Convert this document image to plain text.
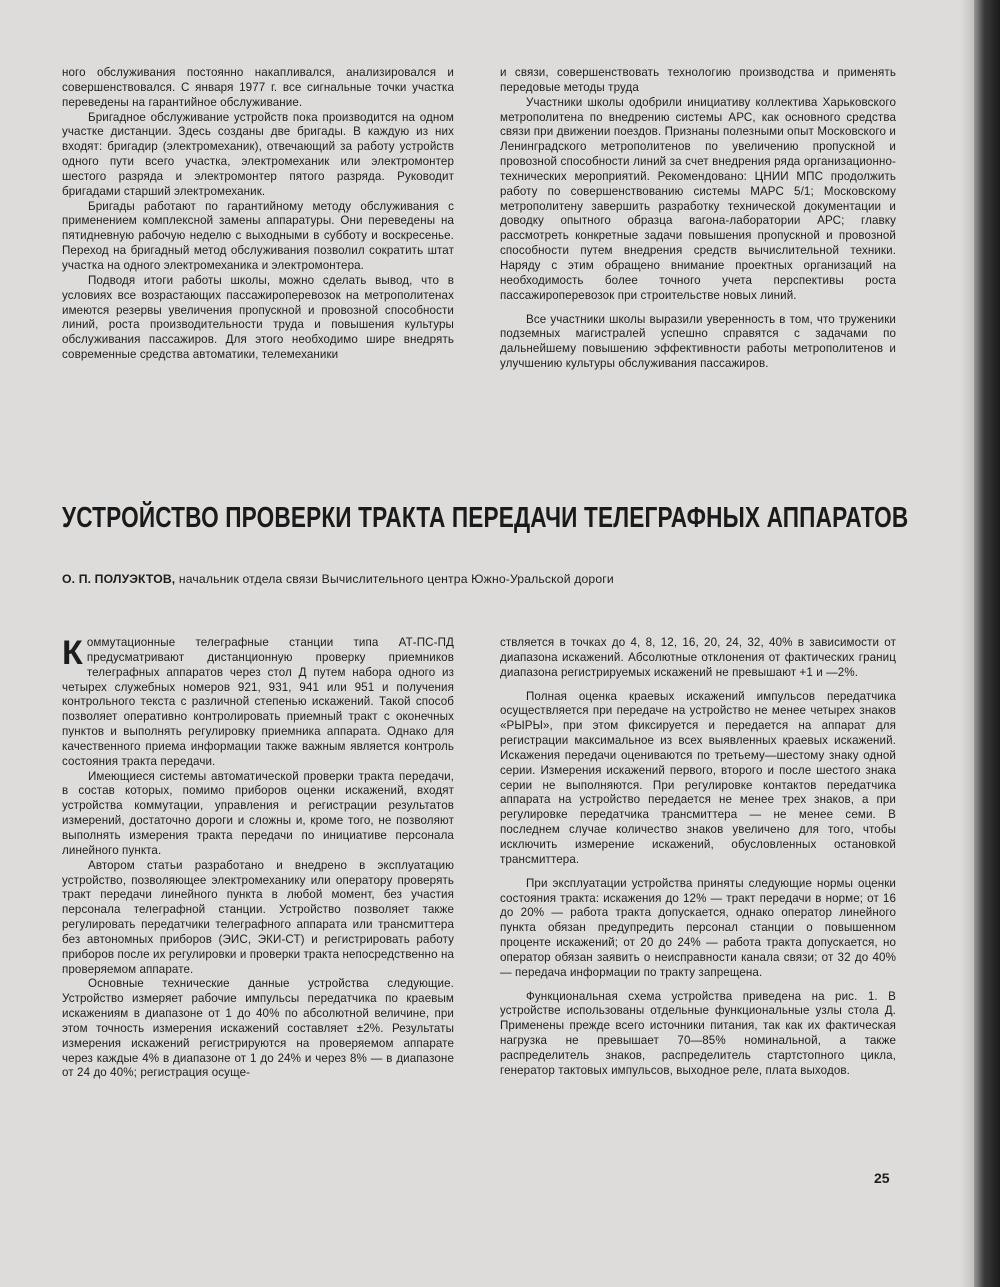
ного обслуживания постоянно накапливался, анализировался и совершенствовался. С января 1977 г. все сигнальные точки участка переведены на гарантийное обслуживание.

Бригадное обслуживание устройств пока производится на одном участке дистанции. Здесь созданы две бригады. В каждую из них входят: бригадир (электромеханик), отвечающий за работу устройств одного пути всего участка, электромеханик или электромонтер шестого разряда и электромонтер пятого разряда. Руководит бригадами старший электромеханик.

Бригады работают по гарантийному методу обслуживания с применением комплексной замены аппаратуры. Они переведены на пятидневную рабочую неделю с выходными в субботу и воскресенье. Переход на бригадный метод обслуживания позволил сократить штат участка на одного электромеханика и электромонтера.

Подводя итоги работы школы, можно сделать вывод, что в условиях все возрастающих пассажироперевозок на метрополитенах имеются резервы увеличения пропускной и провозной способности линий, роста производительности труда и повышения культуры обслуживания пассажиров. Для этого необходимо шире внедрять современные средства автоматики, телемеханики

и связи, совершенствовать технологию производства и применять передовые методы труда

Участники школы одобрили инициативу коллектива Харьковского метрополитена по внедрению системы АРС, как основного средства связи при движении поездов. Признаны полезными опыт Московского и Ленинградского метрополитенов по увеличению пропускной и провозной способности линий за счет внедрения ряда организационно-технических мероприятий. Рекомендовано: ЦНИИ МПС продолжить работу по совершенствованию системы МАРС 5/1; Московскому метрополитену завершить разработку технической документации и доводку опытного образца вагона-лаборатории АРС; главку рассмотреть конкретные задачи повышения пропускной и провозной способности путем внедрения средств вычислительной техники. Наряду с этим обращено внимание проектных организаций на необходимость более точного учета перспективы роста пассажироперевозок при строительстве новых линий.

Все участники школы выразили уверенность в том, что труженики подземных магистралей успешно справятся с задачами по дальнейшему повышению эффективности работы метрополитенов и улучшению культуры обслуживания пассажиров.

УСТРОЙСТВО ПРОВЕРКИ ТРАКТА ПЕРЕДАЧИ ТЕЛЕГРАФНЫХ АППАРАТОВ
О. П. ПОЛУЭКТОВ, начальник отдела связи Вычислительного центра Южно-Уральской дороги

Коммутационные телеграфные станции типа АТ-ПС-ПД предусматривают дистанционную проверку приемников телеграфных аппаратов через стол Д путем набора одного из четырех служебных номеров 921, 931, 941 или 951 и получения контрольного текста с различной степенью искажений. Такой способ позволяет оперативно контролировать приемный тракт с оконечных пунктов и выполнять регулировку приемника аппарата. Однако для качественного приема информации также важным является контроль состояния тракта передачи.

Имеющиеся системы автоматической проверки тракта передачи, в состав которых, помимо приборов оценки искажений, входят устройства коммутации, управления и регистрации результатов измерений, достаточно дороги и сложны и, кроме того, не позволяют выполнять измерения тракта передачи по инициативе персонала линейного пункта.

Автором статьи разработано и внедрено в эксплуатацию устройство, позволяющее электромеханику или оператору проверять тракт передачи линейного пункта в любой момент, без участия персонала телеграфной станции. Устройство позволяет также регулировать передатчики телеграфного аппарата или трансмиттера без автономных приборов (ЭИС, ЭКИ-СТ) и регистрировать работу приборов после их регулировки и проверки тракта непосредственно на проверяемом аппарате.

Основные технические данные устройства следующие. Устройство измеряет рабочие импульсы передатчика по краевым искажениям в диапазоне от 1 до 40% по абсолютной величине, при этом точность измерения искажений составляет ±2%. Результаты измерения искажений регистрируются на проверяемом аппарате через каждые 4% в диапазоне от 1 до 24% и через 8% — в диапазоне от 24 до 40%; регистрация осуще-

ствляется в точках до 4, 8, 12, 16, 20, 24, 32, 40% в зависимости от диапазона искажений. Абсолютные отклонения от фактических границ диапазона регистрируемых искажений не превышают +1 и —2%.

Полная оценка краевых искажений импульсов передатчика осуществляется при передаче на устройство не менее четырех знаков «РЫРЫ», при этом фиксируется и передается на аппарат для регистрации максимальное из всех выявленных краевых искажений. Искажения передачи оцениваются по третьему—шестому знаку одной серии. Измерения искажений первого, второго и после шестого знака серии не выполняются. При регулировке контактов передатчика аппарата на устройство передается не менее трех знаков, а при регулировке передатчика трансмиттера — не менее семи. В последнем случае количество знаков увеличено для того, чтобы исключить измерение искажений, обусловленных остановкой трансмиттера.

При эксплуатации устройства приняты следующие нормы оценки состояния тракта: искажения до 12% — тракт передачи в норме; от 16 до 20% — работа тракта допускается, однако оператор линейного пункта обязан предупредить персонал станции о повышенном проценте искажений; от 20 до 24% — работа тракта допускается, но оператор обязан заявить о неисправности канала связи; от 32 до 40% — передача информации по тракту запрещена.

Функциональная схема устройства приведена на рис. 1. В устройстве использованы отдельные функциональные узлы стола Д. Применены прежде всего источники питания, так как их фактическая нагрузка не превышает 70—85% номинальной, а также распределитель знаков, распределитель стартстопного цикла, генератор тактовых импульсов, выходное реле, плата выходов.

25
